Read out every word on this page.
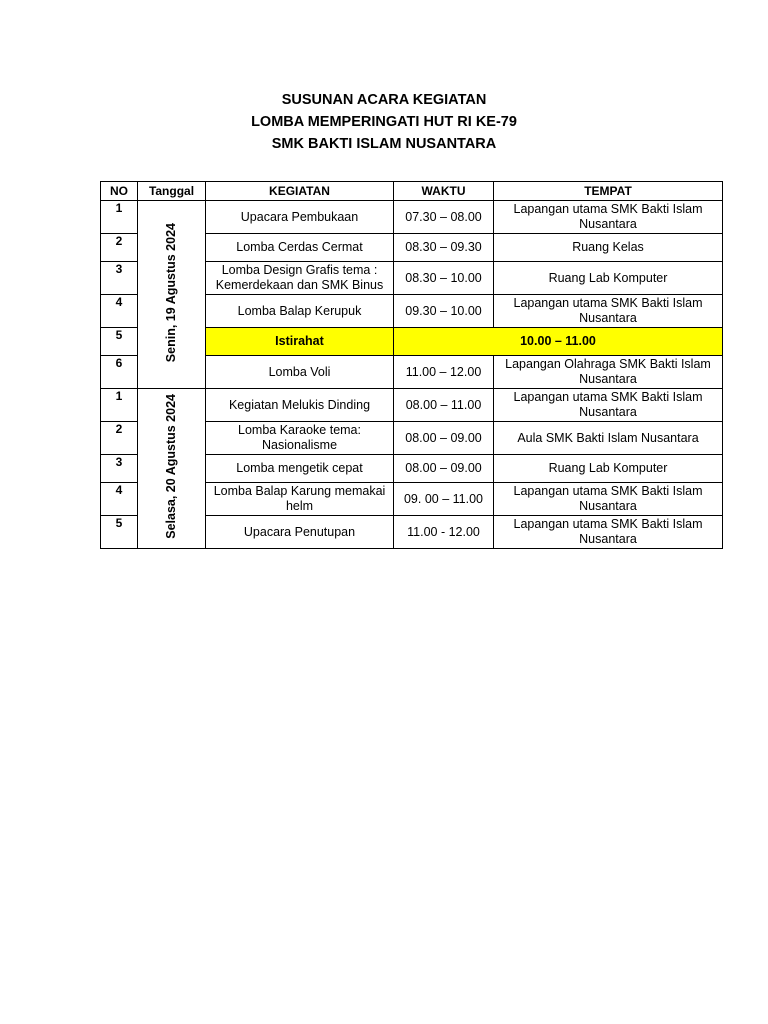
SUSUNAN ACARA KEGIATAN
LOMBA MEMPERINGATI HUT RI KE-79
SMK BAKTI ISLAM NUSANTARA
NO	Tanggal	KEGIATAN	WAKTU	TEMPAT
1	Senin, 19 Agustus 2024	Upacara Pembukaan	07.30 – 08.00	Lapangan utama SMK Bakti Islam Nusantara
2		Lomba Cerdas Cermat	08.30 – 09.30	Ruang Kelas
3		Lomba Design Grafis tema : Kemerdekaan dan SMK Binus	08.30 – 10.00	Ruang Lab Komputer
4		Lomba Balap Kerupuk	09.30 – 10.00	Lapangan utama SMK Bakti Islam Nusantara
5		Istirahat	10.00 – 11.00	
6		Lomba Voli	11.00 – 12.00	Lapangan Olahraga SMK Bakti Islam Nusantara
1	Selasa, 20 Agustus 2024	Kegiatan Melukis Dinding	08.00 – 11.00	Lapangan utama SMK Bakti Islam Nusantara
2		Lomba Karaoke tema: Nasionalisme	08.00 – 09.00	Aula SMK Bakti Islam Nusantara
3		Lomba mengetik cepat	08.00 – 09.00	Ruang Lab Komputer
4		Lomba Balap Karung memakai helm	09. 00 – 11.00	Lapangan utama SMK Bakti Islam Nusantara
5		Upacara Penutupan	11.00 - 12.00	Lapangan utama SMK Bakti Islam Nusantara
